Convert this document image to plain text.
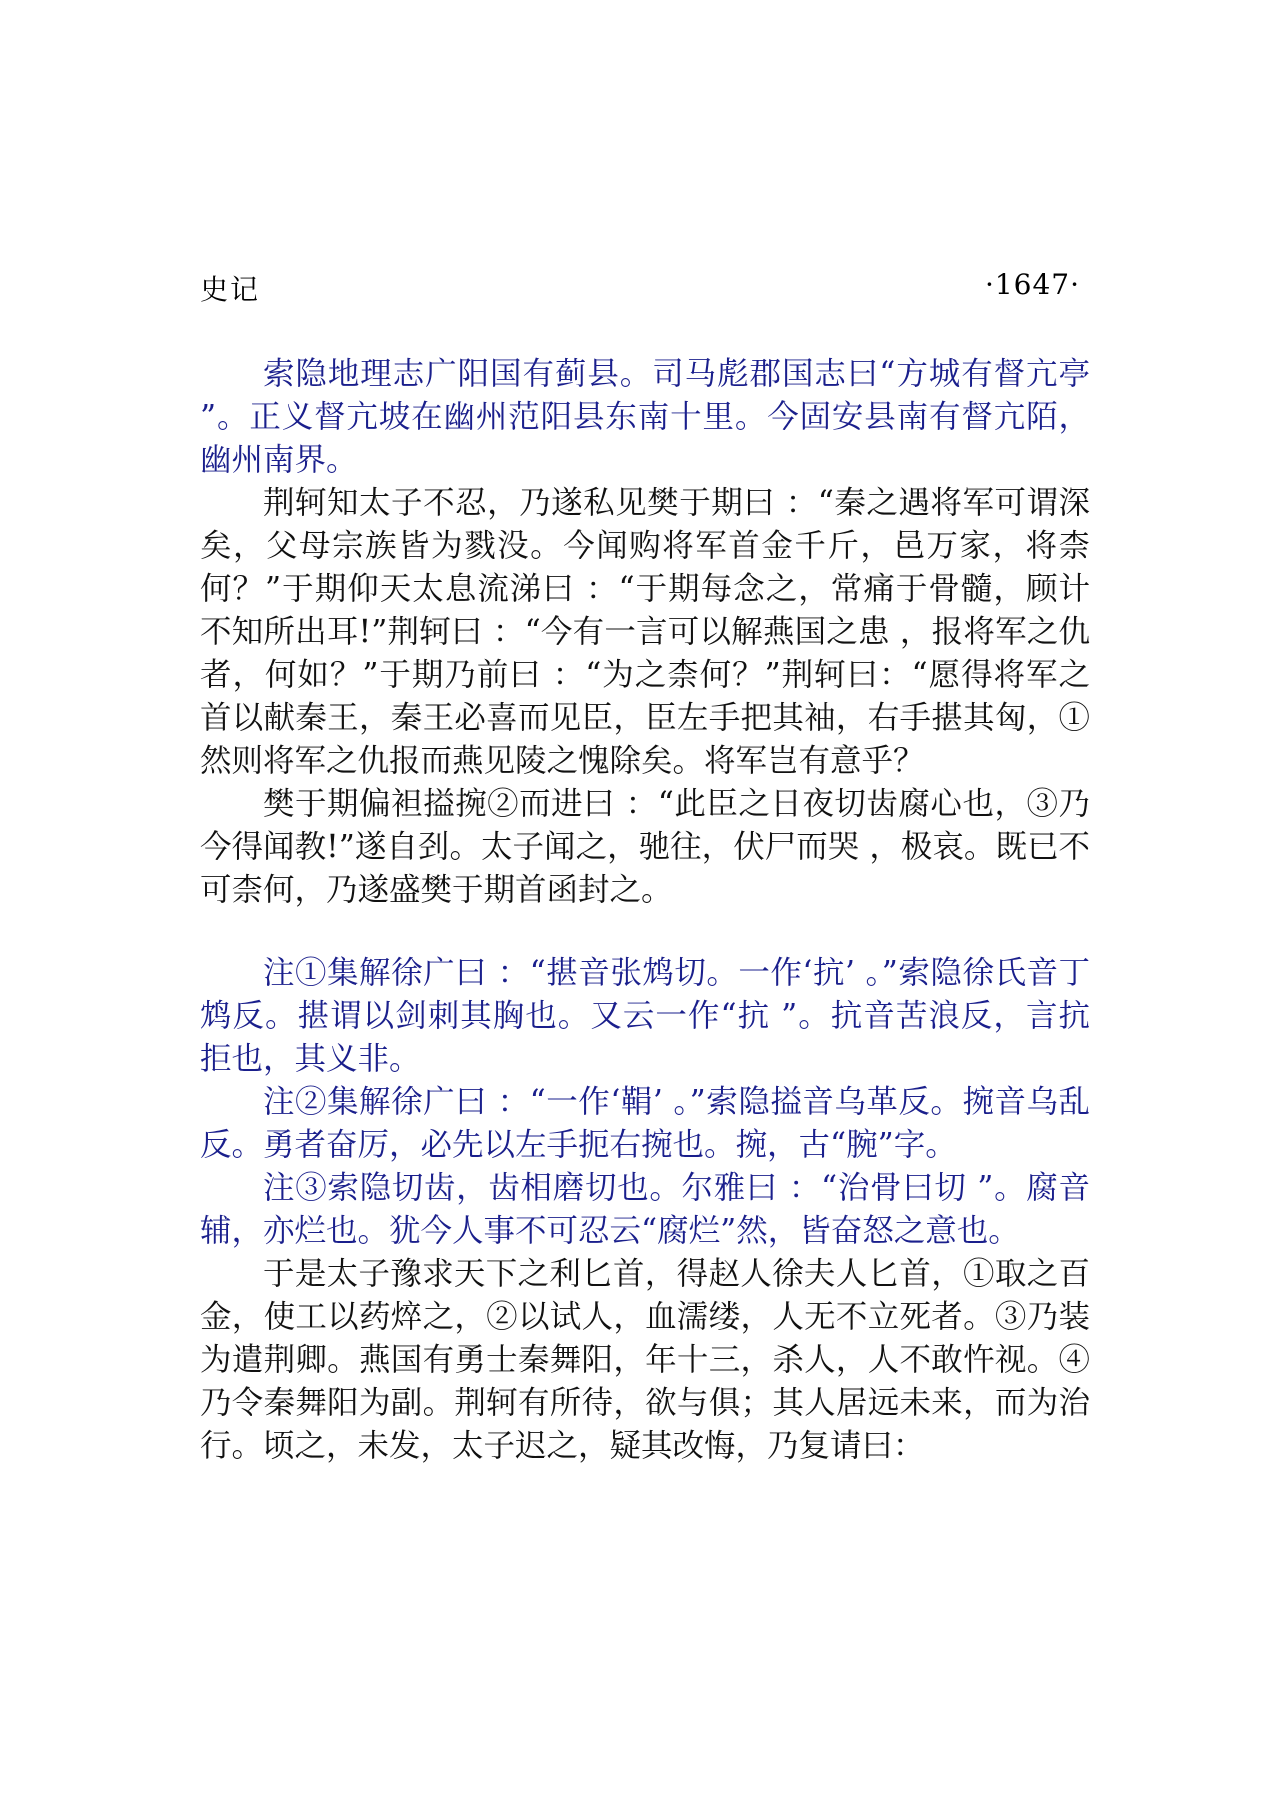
史记	·1647·

索隐地理志广阳国有蓟县。司马彪郡国志曰“方城有督亢亭 ”。正义督亢坡在幽州范阳县东南十里。今固安县南有督亢陌，幽州南界。

荆轲知太子不忍，乃遂私见樊于期曰 ：“秦之遇将军可谓深矣，父母宗族皆为戮没。今闻购将军首金千斤，邑万家，将柰何？”于期仰天太息流涕曰 ：“于期每念之，常痛于骨髓，顾计不知所出耳!”荆轲曰 ：“今有一言可以解燕国之患 ，报将军之仇者，何如？”于期乃前曰 ：“为之柰何？”荆轲曰：“愿得将军之首以献秦王，秦王必喜而见臣，臣左手把其袖，右手揕其匈，①然则将军之仇报而燕见陵之愧除矣。将军岂有意乎？

樊于期偏袒搤捥②而进曰 ：“此臣之日夜切齿腐心也，③乃今得闻教!”遂自刭。太子闻之，驰往，伏尸而哭 ，极哀。既已不可柰何，乃遂盛樊于期首函封之。

注①集解徐广曰 ：“揕音张鸩切。一作‘抗’ 。”索隐徐氏音丁鸩反。揕谓以剑刺其胸也。又云一作“抗 ”。抗音苦浪反，言抗拒也，其义非。

注②集解徐广曰 ：“一作‘鞙’ 。”索隐搤音乌革反。捥音乌乱反。勇者奋厉，必先以左手扼右捥也。捥，古“腕”字。

注③索隐切齿，齿相磨切也。尔雅曰 ：“治骨曰切 ”。腐音辅，亦烂也。犹今人事不可忍云“腐烂”然，皆奋怒之意也。

于是太子豫求天下之利匕首，得赵人徐夫人匕首，①取之百金，使工以药焠之，②以试人，血濡缕，人无不立死者。③乃装为遣荆卿。燕国有勇士秦舞阳，年十三，杀人，人不敢忤视。④乃令秦舞阳为副。荆轲有所待，欲与俱；其人居远未来，而为治行。顷之，未发，太子迟之，疑其改悔，乃复请曰：
